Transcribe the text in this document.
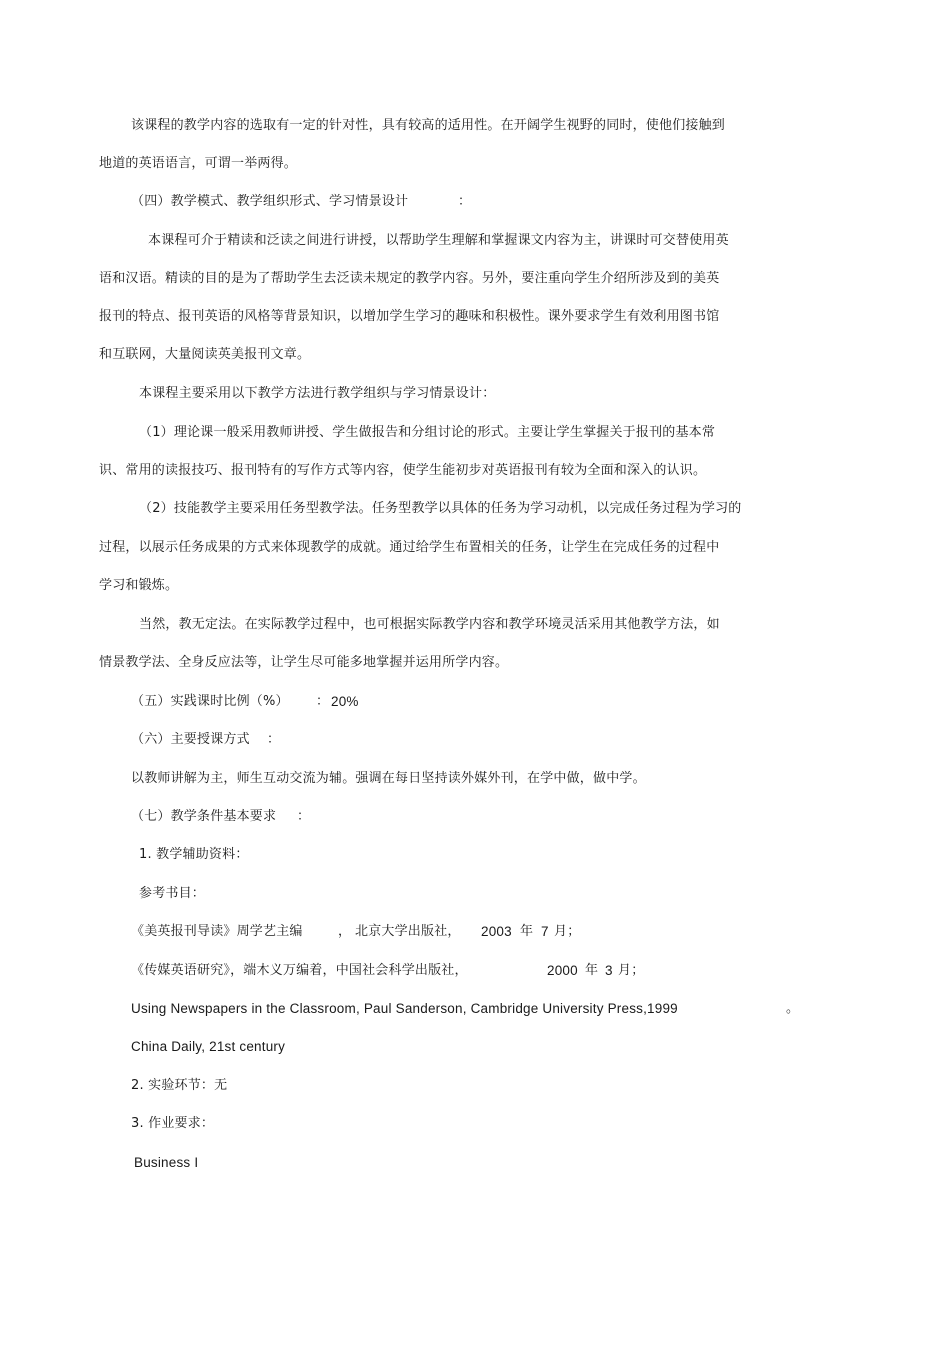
该课程的教学内容的选取有一定的针对性，具有较高的适用性。在开阔学生视野的同时，使他们接触到
地道的英语语言，可谓一举两得。
（四）教学模式、教学组织形式、学习情景设计	：
本课程可介于精读和泛读之间进行讲授，以帮助学生理解和掌握课文内容为主，讲课时可交替使用英
语和汉语。精读的目的是为了帮助学生去泛读未规定的教学内容。另外，要注重向学生介绍所涉及到的美英
报刊的特点、报刊英语的风格等背景知识，以增加学生学习的趣味和积极性。课外要求学生有效利用图书馆
和互联网，大量阅读英美报刊文章。
本课程主要采用以下教学方法进行教学组织与学习情景设计：
（1）理论课一般采用教师讲授、学生做报告和分组讨论的形式。主要让学生掌握关于报刊的基本常
识、常用的读报技巧、报刊特有的写作方式等内容，使学生能初步对英语报刊有较为全面和深入的认识。
（2）技能教学主要采用任务型教学法。任务型教学以具体的任务为学习动机，以完成任务过程为学习的
过程，以展示任务成果的方式来体现教学的成就。通过给学生布置相关的任务，让学生在完成任务的过程中
学习和锻炼。
当然，教无定法。在实际教学过程中，也可根据实际教学内容和教学环境灵活采用其他教学方法，如
情景教学法、全身反应法等，让学生尽可能多地掌握并运用所学内容。
（五）实践课时比例（%） ： 20%
（六）主要授课方式 ：
以教师讲解为主，师生互动交流为辅。强调在每日坚持读外媒外刊，在学中做，做中学。
（七）教学条件基本要求 ：
1. 教学辅助资料：
参考书目：
《美英报刊导读》周学艺主编	， 北京大学出版社， 2003 年 7 月；
《传媒英语研究》，端木义万编着，中国社会科学出版社，	2000 年 3 月；
Using Newspapers in the Classroom, Paul Sanderson, Cambridge University Press,1999	。
China Daily, 21st century
2. 实验环节：无
3. 作业要求：
Business I
